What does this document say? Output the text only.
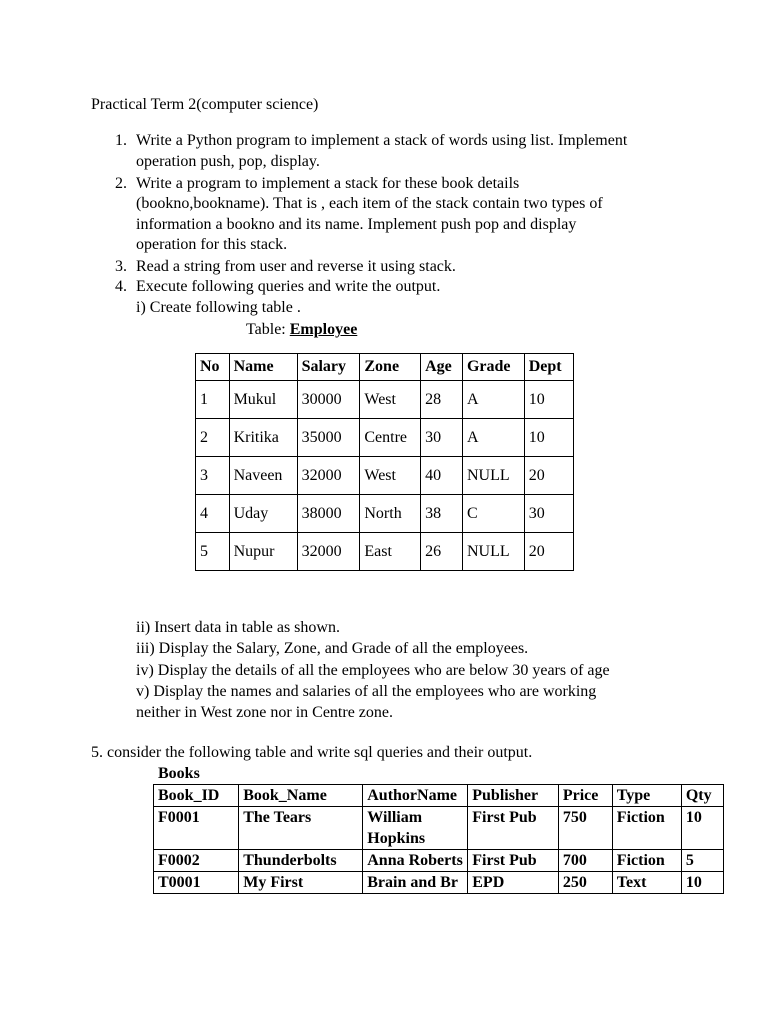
Practical Term 2(computer science)
1. Write a Python program to implement a stack of words using list. Implement
operation push, pop, display.
2. Write a program to implement a stack for these book details
(bookno,bookname). That is , each item of the stack contain two types of
information a bookno and its name. Implement push pop and display
operation for this stack.
3. Read a string from user and reverse it using stack.
4. Execute following queries and write the output.
i) Create following table .
Table: Employee
No	Name	Salary	Zone	Age	Grade	Dept
1	Mukul	30000	West	28	A	10
2	Kritika	35000	Centre	30	A	10
3	Naveen	32000	West	40	NULL	20
4	Uday	38000	North	38	C	30
5	Nupur	32000	East	26	NULL	20
ii) Insert data in table as shown.
iii) Display the Salary, Zone, and Grade of all the employees.
iv) Display the details of all the employees who are below 30 years of age
v) Display the names and salaries of all the employees who are working
neither in West zone nor in Centre zone.
5. consider the following table and write sql queries and their output.
Books
Book_ID	Book_Name	AuthorName	Publisher	Price	Type	Qty
F0001	The Tears	William Hopkins	First Pub	750	Fiction	10
F0002	Thunderbolts	Anna Roberts	First Pub	700	Fiction	5
T0001	My First	Brain and Br	EPD	250	Text	10
